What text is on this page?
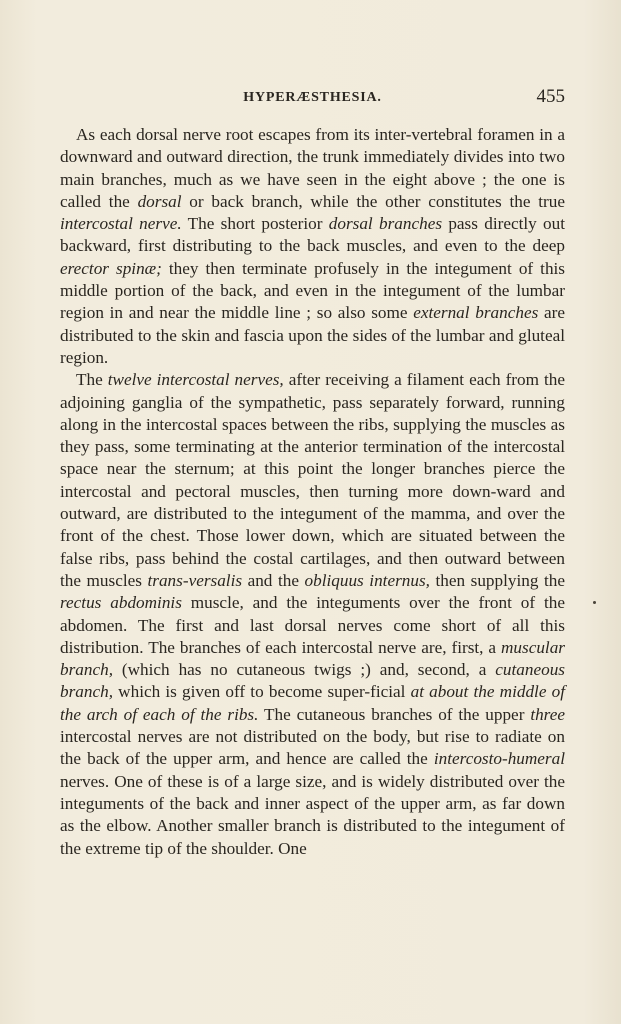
HYPERÆSTHESIA.	455

As each dorsal nerve root escapes from its inter-vertebral foramen in a downward and outward direction, the trunk immediately divides into two main branches, much as we have seen in the eight above ; the one is called the dorsal or back branch, while the other constitutes the true intercostal nerve. The short posterior dorsal branches pass directly out backward, first distributing to the back muscles, and even to the deep erector spinæ; they then terminate profusely in the integument of this middle portion of the back, and even in the integument of the lumbar region in and near the middle line ; so also some external branches are distributed to the skin and fascia upon the sides of the lumbar and gluteal region.

The twelve intercostal nerves, after receiving a filament each from the adjoining ganglia of the sympathetic, pass separately forward, running along in the intercostal spaces between the ribs, supplying the muscles as they pass, some terminating at the anterior termination of the intercostal space near the sternum; at this point the longer branches pierce the intercostal and pectoral muscles, then turning more down-ward and outward, are distributed to the integument of the mamma, and over the front of the chest. Those lower down, which are situated between the false ribs, pass behind the costal cartilages, and then outward between the muscles trans-versalis and the obliquus internus, then supplying the rectus abdominis muscle, and the integuments over the front of the abdomen. The first and last dorsal nerves come short of all this distribution. The branches of each intercostal nerve are, first, a muscular branch, (which has no cutaneous twigs ;) and, second, a cutaneous branch, which is given off to become super-ficial at about the middle of the arch of each of the ribs. The cutaneous branches of the upper three intercostal nerves are not distributed on the body, but rise to radiate on the back of the upper arm, and hence are called the intercosto-humeral nerves. One of these is of a large size, and is widely distributed over the integuments of the back and inner aspect of the upper arm, as far down as the elbow. Another smaller branch is distributed to the integument of the extreme tip of the shoulder. One
